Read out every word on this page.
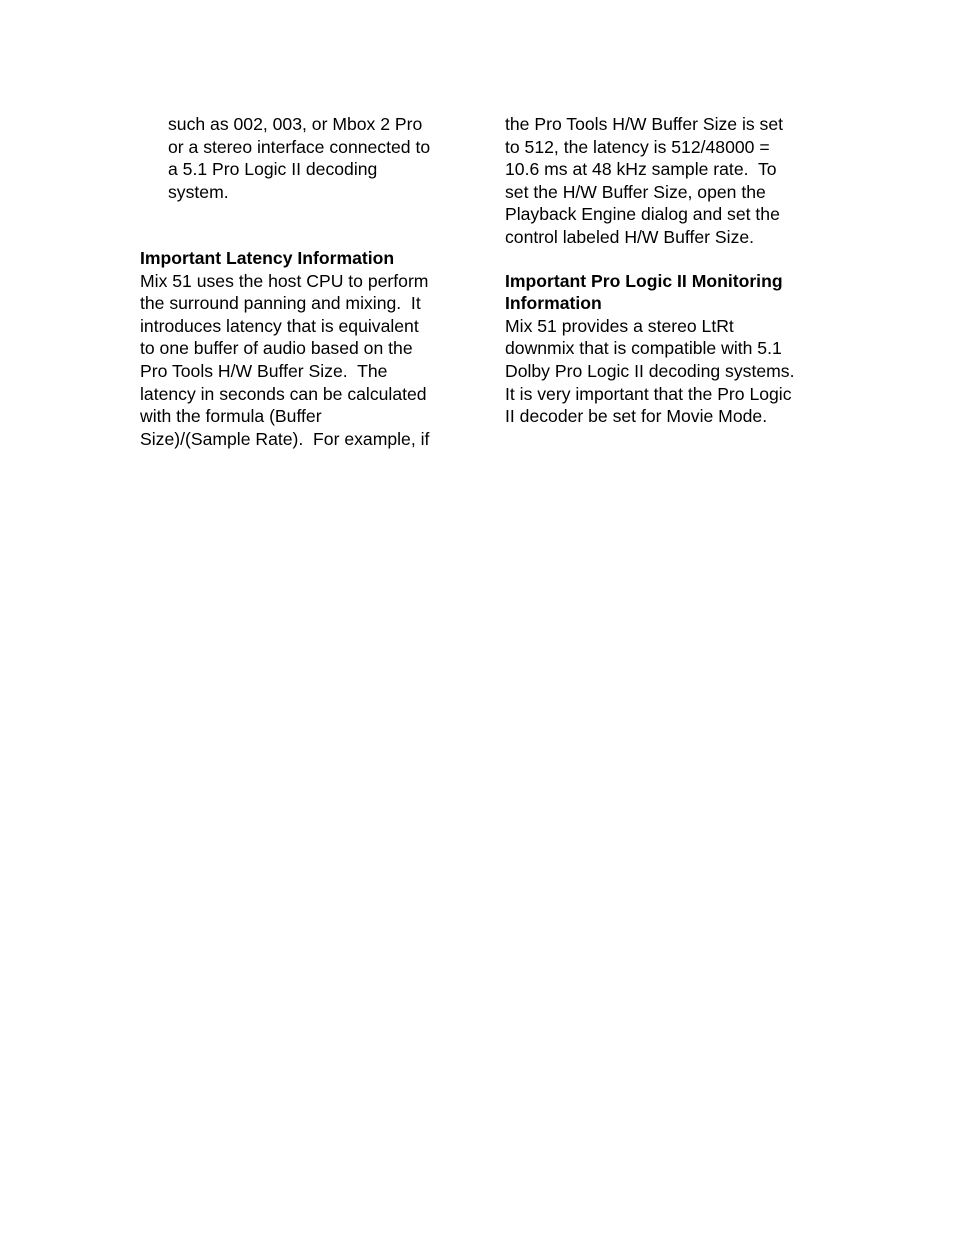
such as 002, 003, or Mbox 2 Pro
or a stereo interface connected to
a 5.1 Pro Logic II decoding
system.
Important Latency Information
Mix 51 uses the host CPU to perform
the surround panning and mixing.  It
introduces latency that is equivalent
to one buffer of audio based on the
Pro Tools H/W Buffer Size.  The
latency in seconds can be calculated
with the formula (Buffer
Size)/(Sample Rate).  For example, if
the Pro Tools H/W Buffer Size is set
to 512, the latency is 512/48000 =
10.6 ms at 48 kHz sample rate.  To
set the H/W Buffer Size, open the
Playback Engine dialog and set the
control labeled H/W Buffer Size.
Important Pro Logic II Monitoring
Information
Mix 51 provides a stereo LtRt
downmix that is compatible with 5.1
Dolby Pro Logic II decoding systems.
It is very important that the Pro Logic
II decoder be set for Movie Mode.
